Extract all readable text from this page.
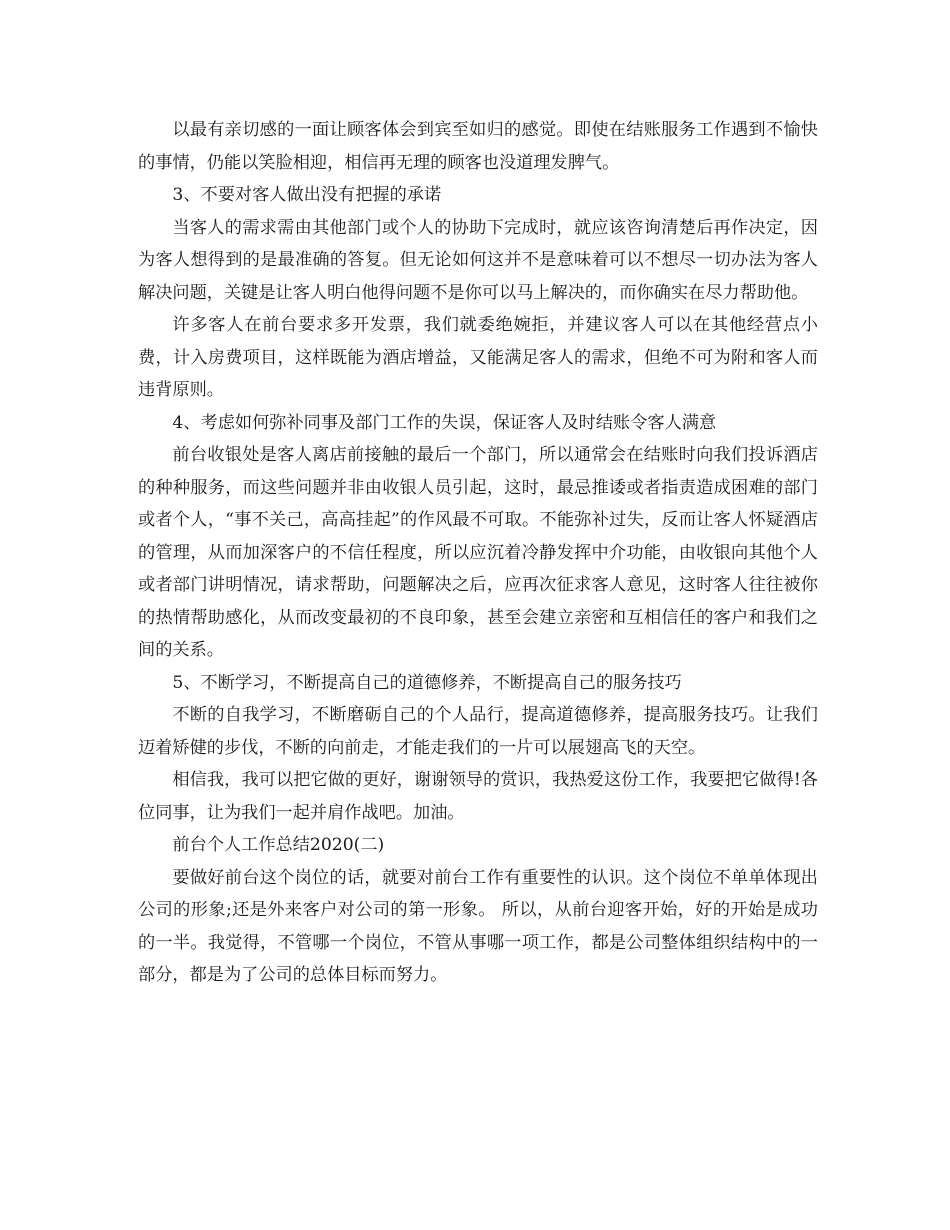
以最有亲切感的一面让顾客体会到宾至如归的感觉。即使在结账服务工作遇到不愉快的事情，仍能以笑脸相迎，相信再无理的顾客也没道理发脾气。

3、不要对客人做出没有把握的承诺

当客人的需求需由其他部门或个人的协助下完成时，就应该咨询清楚后再作决定，因为客人想得到的是最准确的答复。但无论如何这并不是意味着可以不想尽一切办法为客人解决问题，关键是让客人明白他得问题不是你可以马上解决的，而你确实在尽力帮助他。

许多客人在前台要求多开发票，我们就委绝婉拒，并建议客人可以在其他经营点小费，计入房费项目，这样既能为酒店增益，又能满足客人的需求，但绝不可为附和客人而违背原则。

4、考虑如何弥补同事及部门工作的失误，保证客人及时结账令客人满意

前台收银处是客人离店前接触的最后一个部门，所以通常会在结账时向我们投诉酒店的种种服务，而这些问题并非由收银人员引起，这时，最忌推诿或者指责造成困难的部门或者个人，“事不关己，高高挂起”的作风最不可取。不能弥补过失，反而让客人怀疑酒店的管理，从而加深客户的不信任程度，所以应沉着冷静发挥中介功能，由收银向其他个人或者部门讲明情况，请求帮助，问题解决之后，应再次征求客人意见，这时客人往往被你的热情帮助感化，从而改变最初的不良印象，甚至会建立亲密和互相信任的客户和我们之间的关系。

5、不断学习，不断提高自己的道德修养，不断提高自己的服务技巧

不断的自我学习，不断磨砺自己的个人品行，提高道德修养，提高服务技巧。让我们迈着矫健的步伐，不断的向前走，才能走我们的一片可以展翅高飞的天空。

相信我，我可以把它做的更好，谢谢领导的赏识，我热爱这份工作，我要把它做得!各位同事，让为我们一起并肩作战吧。加油。

前台个人工作总结2020(二)

要做好前台这个岗位的话，就要对前台工作有重要性的认识。这个岗位不单单体现出公司的形象;还是外来客户对公司的第一形象。 所以，从前台迎客开始，好的开始是成功的一半。我觉得，不管哪一个岗位，不管从事哪一项工作，都是公司整体组织结构中的一部分，都是为了公司的总体目标而努力。
